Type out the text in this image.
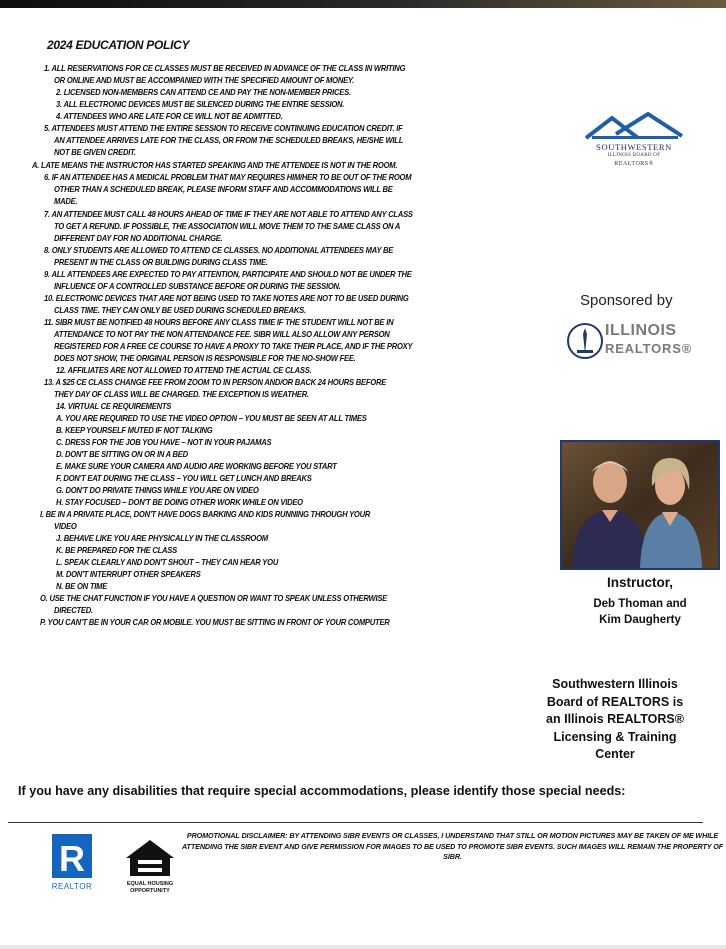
2024 EDUCATION POLICY
1. ALL RESERVATIONS FOR CE CLASSES MUST BE RECEIVED IN ADVANCE OF THE CLASS IN WRITING
OR ONLINE AND MUST BE ACCOMPANIED WITH THE SPECIFIED AMOUNT OF MONEY.
2. LICENSED NON-MEMBERS CAN ATTEND CE AND PAY THE NON-MEMBER PRICES.
3. ALL ELECTRONIC DEVICES MUST BE SILENCED DURING THE ENTIRE SESSION.
4. ATTENDEES WHO ARE LATE FOR CE WILL NOT BE ADMITTED.
5. ATTENDEES MUST ATTEND THE ENTIRE SESSION TO RECEIVE CONTINUING EDUCATION CREDIT. IF
AN ATTENDEE ARRIVES LATE FOR THE CLASS, OR FROM THE SCHEDULED BREAKS, HE/SHE WILL
NOT BE GIVEN CREDIT.
A. LATE MEANS THE INSTRUCTOR HAS STARTED SPEAKING AND THE ATTENDEE IS NOT IN THE ROOM.
6. IF AN ATTENDEE HAS A MEDICAL PROBLEM THAT MAY REQUIRES HIM/HER TO BE OUT OF THE ROOM
OTHER THAN A SCHEDULED BREAK, PLEASE INFORM STAFF AND ACCOMMODATIONS WILL BE
MADE.
7. AN ATTENDEE MUST CALL 48 HOURS AHEAD OF TIME IF THEY ARE NOT ABLE TO ATTEND ANY CLASS
TO GET A REFUND. IF POSSIBLE, THE ASSOCIATION WILL MOVE THEM TO THE SAME CLASS ON A
DIFFERENT DAY FOR NO ADDITIONAL CHARGE.
8. ONLY STUDENTS ARE ALLOWED TO ATTEND CE CLASSES. NO ADDITIONAL ATTENDEES MAY BE
PRESENT IN THE CLASS OR BUILDING DURING CLASS TIME.
9. ALL ATTENDEES ARE EXPECTED TO PAY ATTENTION, PARTICIPATE AND SHOULD NOT BE UNDER THE
INFLUENCE OF A CONTROLLED SUBSTANCE BEFORE OR DURING THE SESSION.
10. ELECTRONIC DEVICES THAT ARE NOT BEING USED TO TAKE NOTES ARE NOT TO BE USED DURING
CLASS TIME. THEY CAN ONLY BE USED DURING SCHEDULED BREAKS.
11. SIBR MUST BE NOTIFIED 48 HOURS BEFORE ANY CLASS TIME IF THE STUDENT WILL NOT BE IN
ATTENDANCE TO NOT PAY THE NON ATTENDANCE FEE. SIBR WILL ALSO ALLOW ANY PERSON
REGISTERED FOR A FREE CE COURSE TO HAVE A PROXY TO TAKE THEIR PLACE, AND IF THE PROXY
DOES NOT SHOW, THE ORIGINAL PERSON IS RESPONSIBLE FOR THE NO-SHOW FEE.
12. AFFILIATES ARE NOT ALLOWED TO ATTEND THE ACTUAL CE CLASS.
13. A $25 CE CLASS CHANGE FEE FROM ZOOM TO IN PERSON AND/OR BACK 24 HOURS BEFORE
THEY DAY OF CLASS WILL BE CHARGED. THE EXCEPTION IS WEATHER.
14. VIRTUAL CE REQUIREMENTS
A. YOU ARE REQUIRED TO USE THE VIDEO OPTION – YOU MUST BE SEEN AT ALL TIMES
B. KEEP YOURSELF MUTED IF NOT TALKING
C. DRESS FOR THE JOB YOU HAVE – NOT IN YOUR PAJAMAS
D. DON'T BE SITTING ON OR IN A BED
E. MAKE SURE YOUR CAMERA AND AUDIO ARE WORKING BEFORE YOU START
F. DON'T EAT DURING THE CLASS – YOU WILL GET LUNCH AND BREAKS
G. DON'T DO PRIVATE THINGS WHILE YOU ARE ON VIDEO
H. STAY FOCUSED – DON'T BE DOING OTHER WORK WHILE ON VIDEO
I. BE IN A PRIVATE PLACE, DON'T HAVE DOGS BARKING AND KIDS RUNNING THROUGH YOUR
VIDEO
J. BEHAVE LIKE YOU ARE PHYSICALLY IN THE CLASSROOM
K. BE PREPARED FOR THE CLASS
L. SPEAK CLEARLY AND DON'T SHOUT – THEY CAN HEAR YOU
M. DON'T INTERRUPT OTHER SPEAKERS
N. BE ON TIME
O. USE THE CHAT FUNCTION IF YOU HAVE A QUESTION OR WANT TO SPEAK UNLESS OTHERWISE
DIRECTED.
P. YOU CAN'T BE IN YOUR CAR OR MOBILE. YOU MUST BE SITTING IN FRONT OF YOUR COMPUTER
SOUTHWESTERN
ILLINOIS BOARD OF
REALTORS®
Sponsored by
ILLINOIS
REALTORS®
Instructor,
Deb Thoman and
Kim Daugherty
Southwestern Illinois
Board of REALTORS is
an Illinois REALTORS®
Licensing & Training
Center
If you have any disabilities that require special accommodations, please identify those special needs:
R
REALTOR	EQUAL HOUSING
OPPORTUNITY
PROMOTIONAL DISCLAIMER: BY ATTENDING SIBR EVENTS OR CLASSES, I UNDERSTAND THAT STILL OR MOTION PICTURES MAY BE TAKEN OF ME WHILE ATTENDING THE SIBR EVENT AND GIVE PERMISSION FOR IMAGES TO BE USED TO PROMOTE SIBR EVENTS. SUCH IMAGES WILL REMAIN THE PROPERTY OF SIBR.
